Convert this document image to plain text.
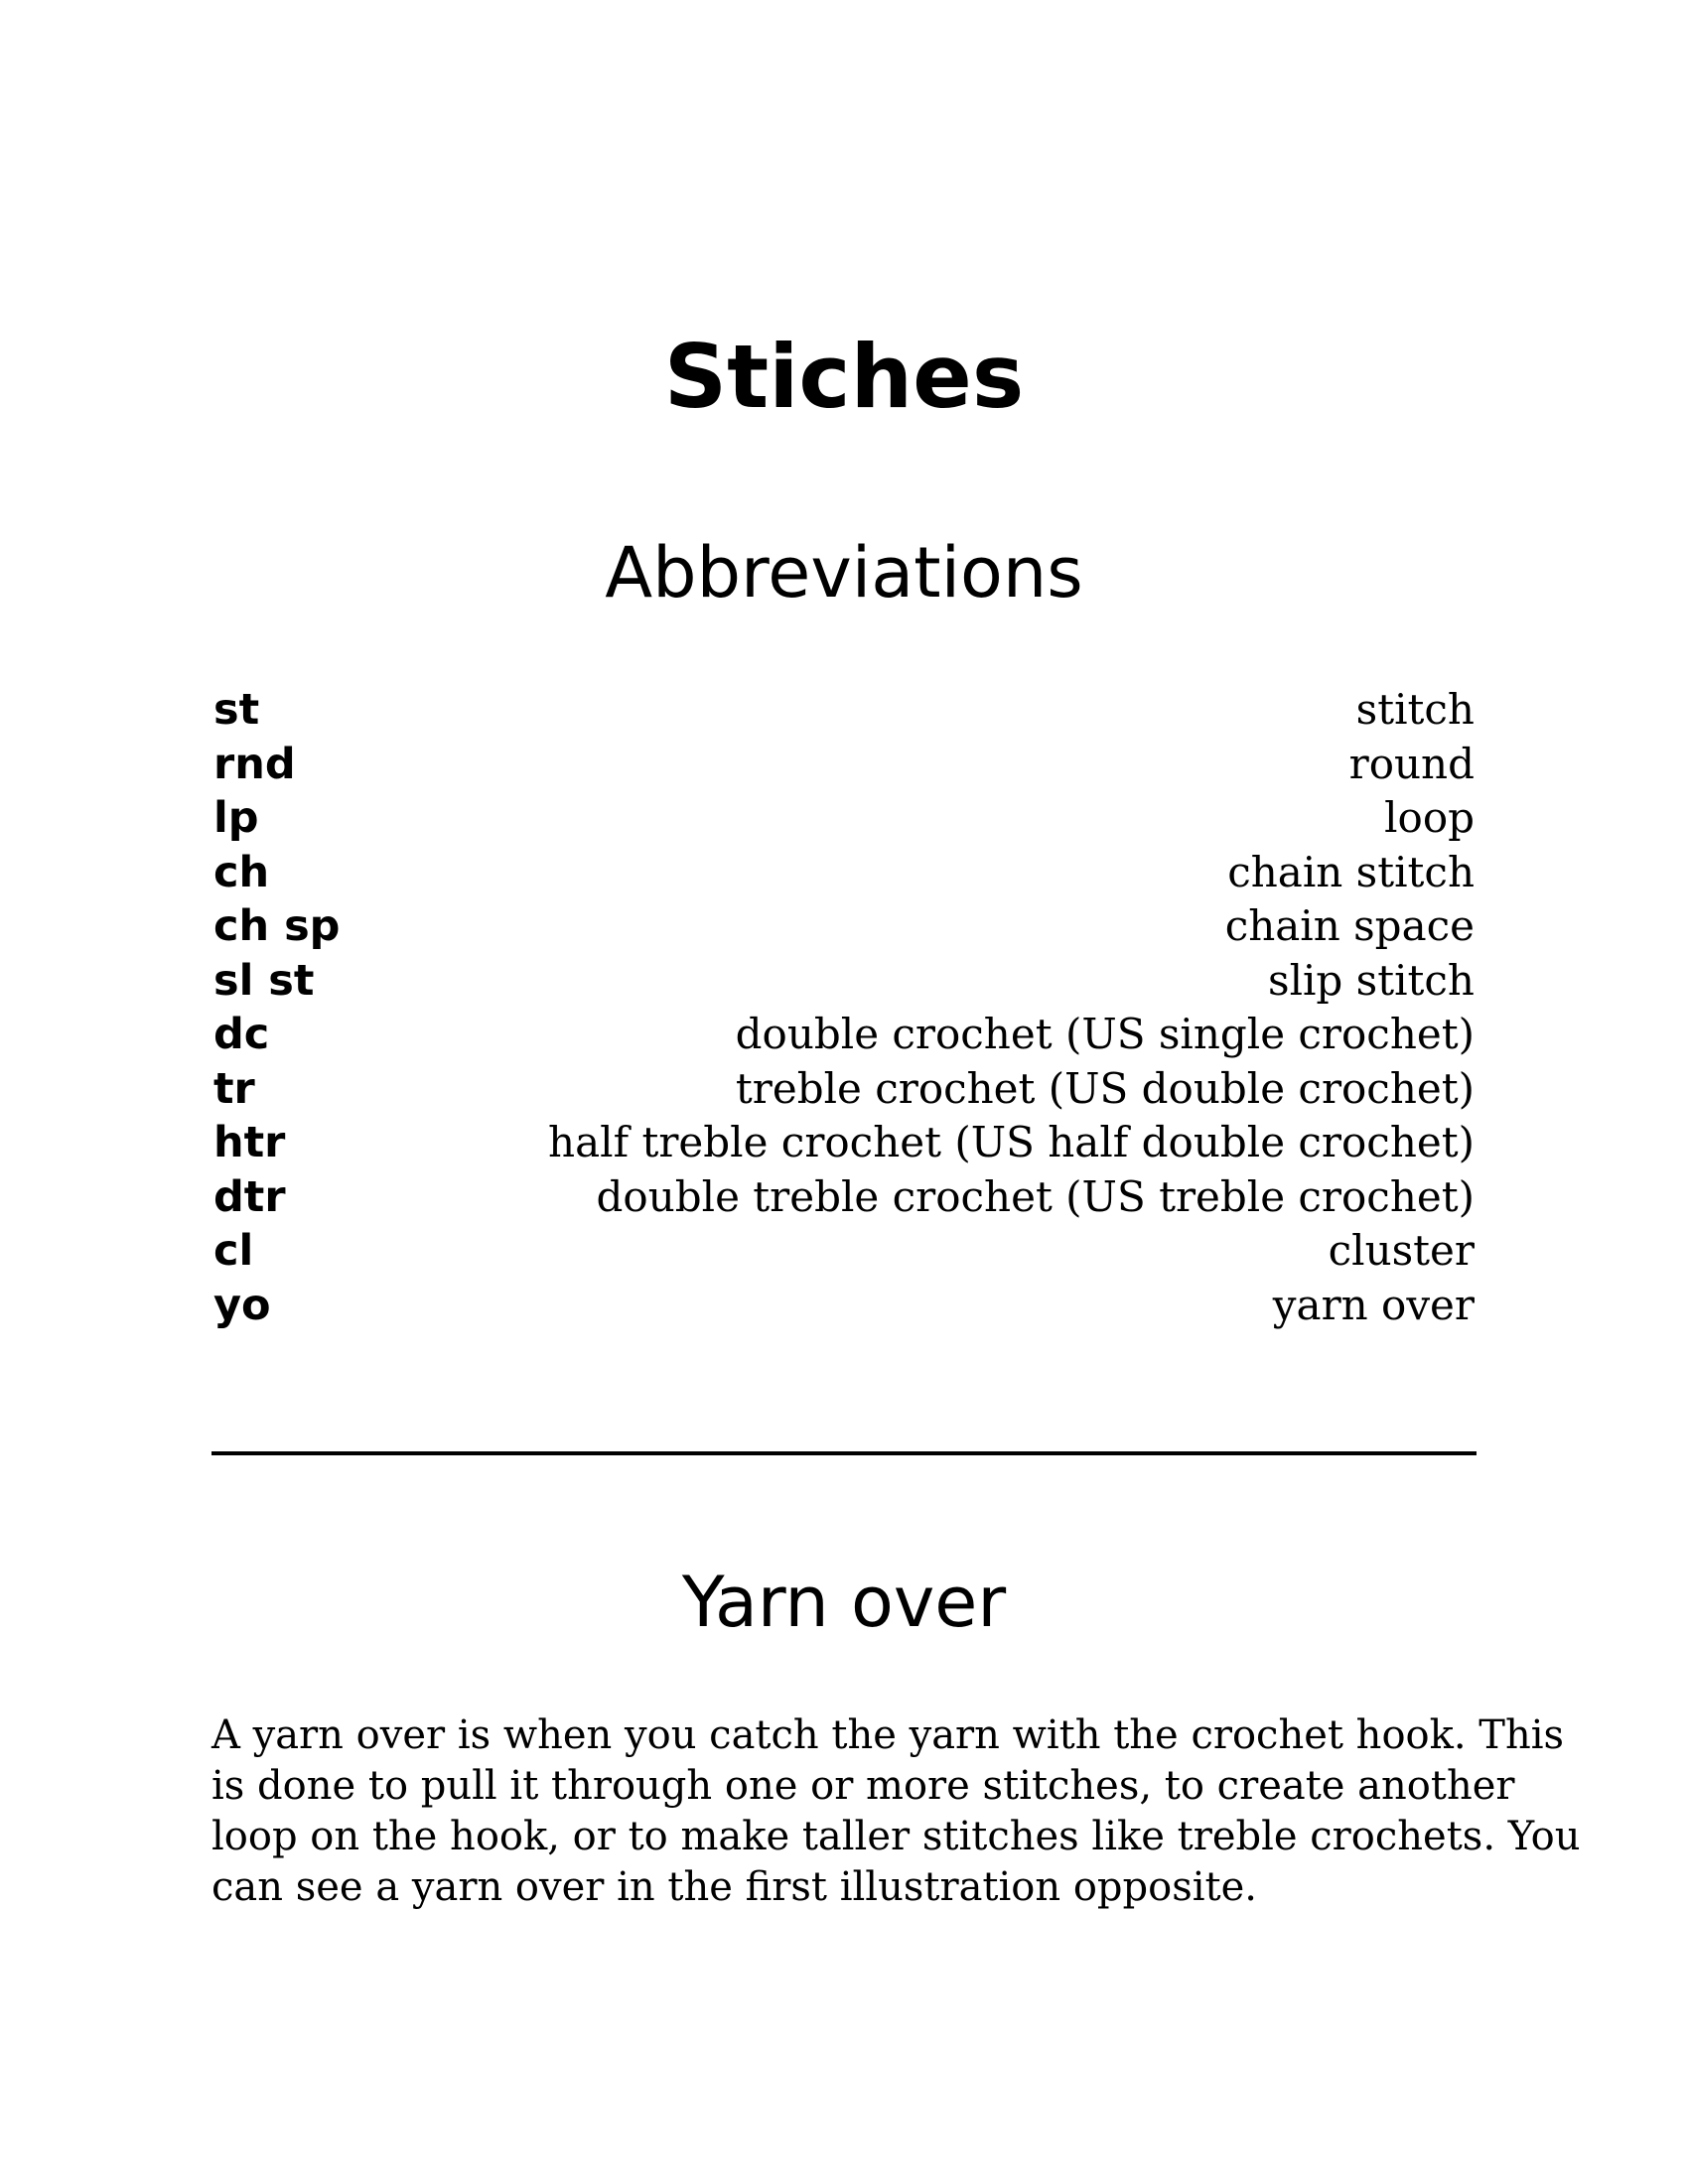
Stiches
Abbreviations
st	stitch
rnd	round
lp	loop
ch	chain stitch
ch sp	chain space
sl st	slip stitch
dc	double crochet (US single crochet)
tr	treble crochet (US double crochet)
htr	half treble crochet (US half double crochet)
dtr	double treble crochet (US treble crochet)
cl	cluster
yo	yarn over
Yarn over

A yarn over is when you catch the yarn with the crochet hook. This
is done to pull it through one or more stitches, to create another
loop on the hook, or to make taller stitches like treble crochets. You
can see a yarn over in the first illustration opposite.
